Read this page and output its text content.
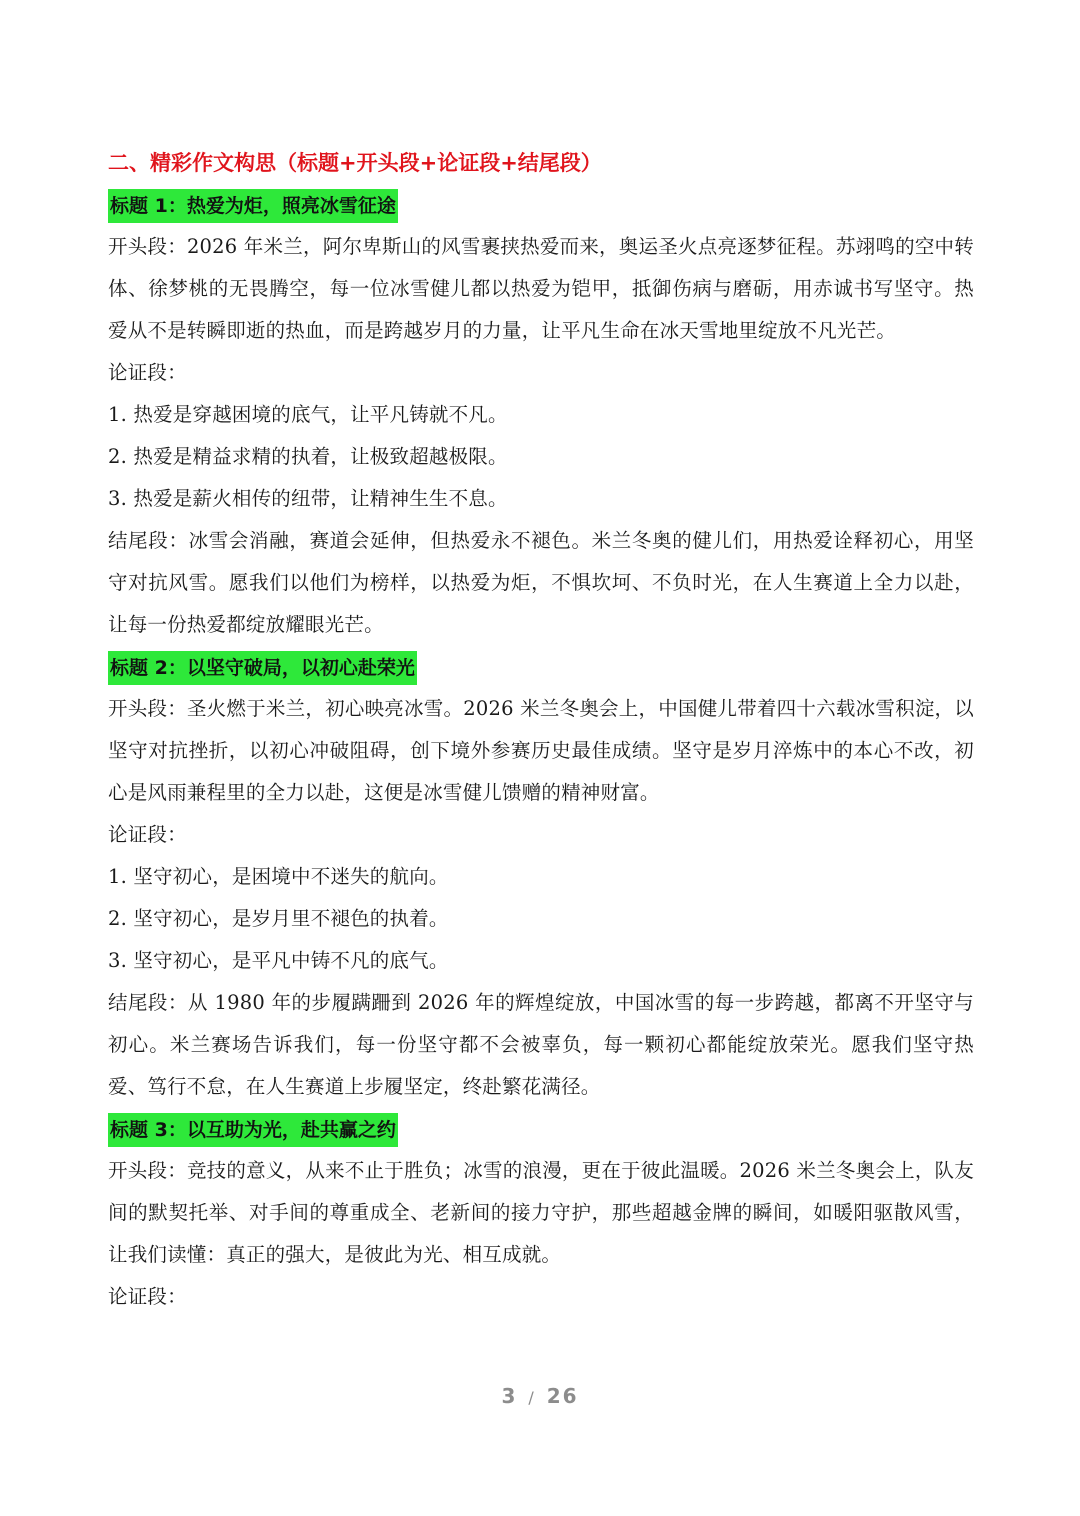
二、精彩作文构思（标题+开头段+论证段+结尾段）
标题 1：热爱为炬，照亮冰雪征途

开头段：2026 年米兰，阿尔卑斯山的风雪裹挟热爱而来，奥运圣火点亮逐梦征程。苏翊鸣的空中转体、徐梦桃的无畏腾空，每一位冰雪健儿都以热爱为铠甲，抵御伤病与磨砺，用赤诚书写坚守。热爱从不是转瞬即逝的热血，而是跨越岁月的力量，让平凡生命在冰天雪地里绽放不凡光芒。

论证段：

1. 热爱是穿越困境的底气，让平凡铸就不凡。

2. 热爱是精益求精的执着，让极致超越极限。

3. 热爱是薪火相传的纽带，让精神生生不息。

结尾段：冰雪会消融，赛道会延伸，但热爱永不褪色。米兰冬奥的健儿们，用热爱诠释初心，用坚守对抗风雪。愿我们以他们为榜样，以热爱为炬，不惧坎坷、不负时光，在人生赛道上全力以赴，让每一份热爱都绽放耀眼光芒。

标题 2：以坚守破局，以初心赴荣光

开头段：圣火燃于米兰，初心映亮冰雪。2026 米兰冬奥会上，中国健儿带着四十六载冰雪积淀，以坚守对抗挫折，以初心冲破阻碍，创下境外参赛历史最佳成绩。坚守是岁月淬炼中的本心不改，初心是风雨兼程里的全力以赴，这便是冰雪健儿馈赠的精神财富。

论证段：

1. 坚守初心，是困境中不迷失的航向。

2. 坚守初心，是岁月里不褪色的执着。

3. 坚守初心，是平凡中铸不凡的底气。

结尾段：从 1980 年的步履蹒跚到 2026 年的辉煌绽放，中国冰雪的每一步跨越，都离不开坚守与初心。米兰赛场告诉我们，每一份坚守都不会被辜负，每一颗初心都能绽放荣光。愿我们坚守热爱、笃行不怠，在人生赛道上步履坚定，终赴繁花满径。

标题 3：以互助为光，赴共赢之约

开头段：竞技的意义，从来不止于胜负；冰雪的浪漫，更在于彼此温暖。2026 米兰冬奥会上，队友间的默契托举、对手间的尊重成全、老新间的接力守护，那些超越金牌的瞬间，如暖阳驱散风雪，让我们读懂：真正的强大，是彼此为光、相互成就。

论证段：

3 / 26
